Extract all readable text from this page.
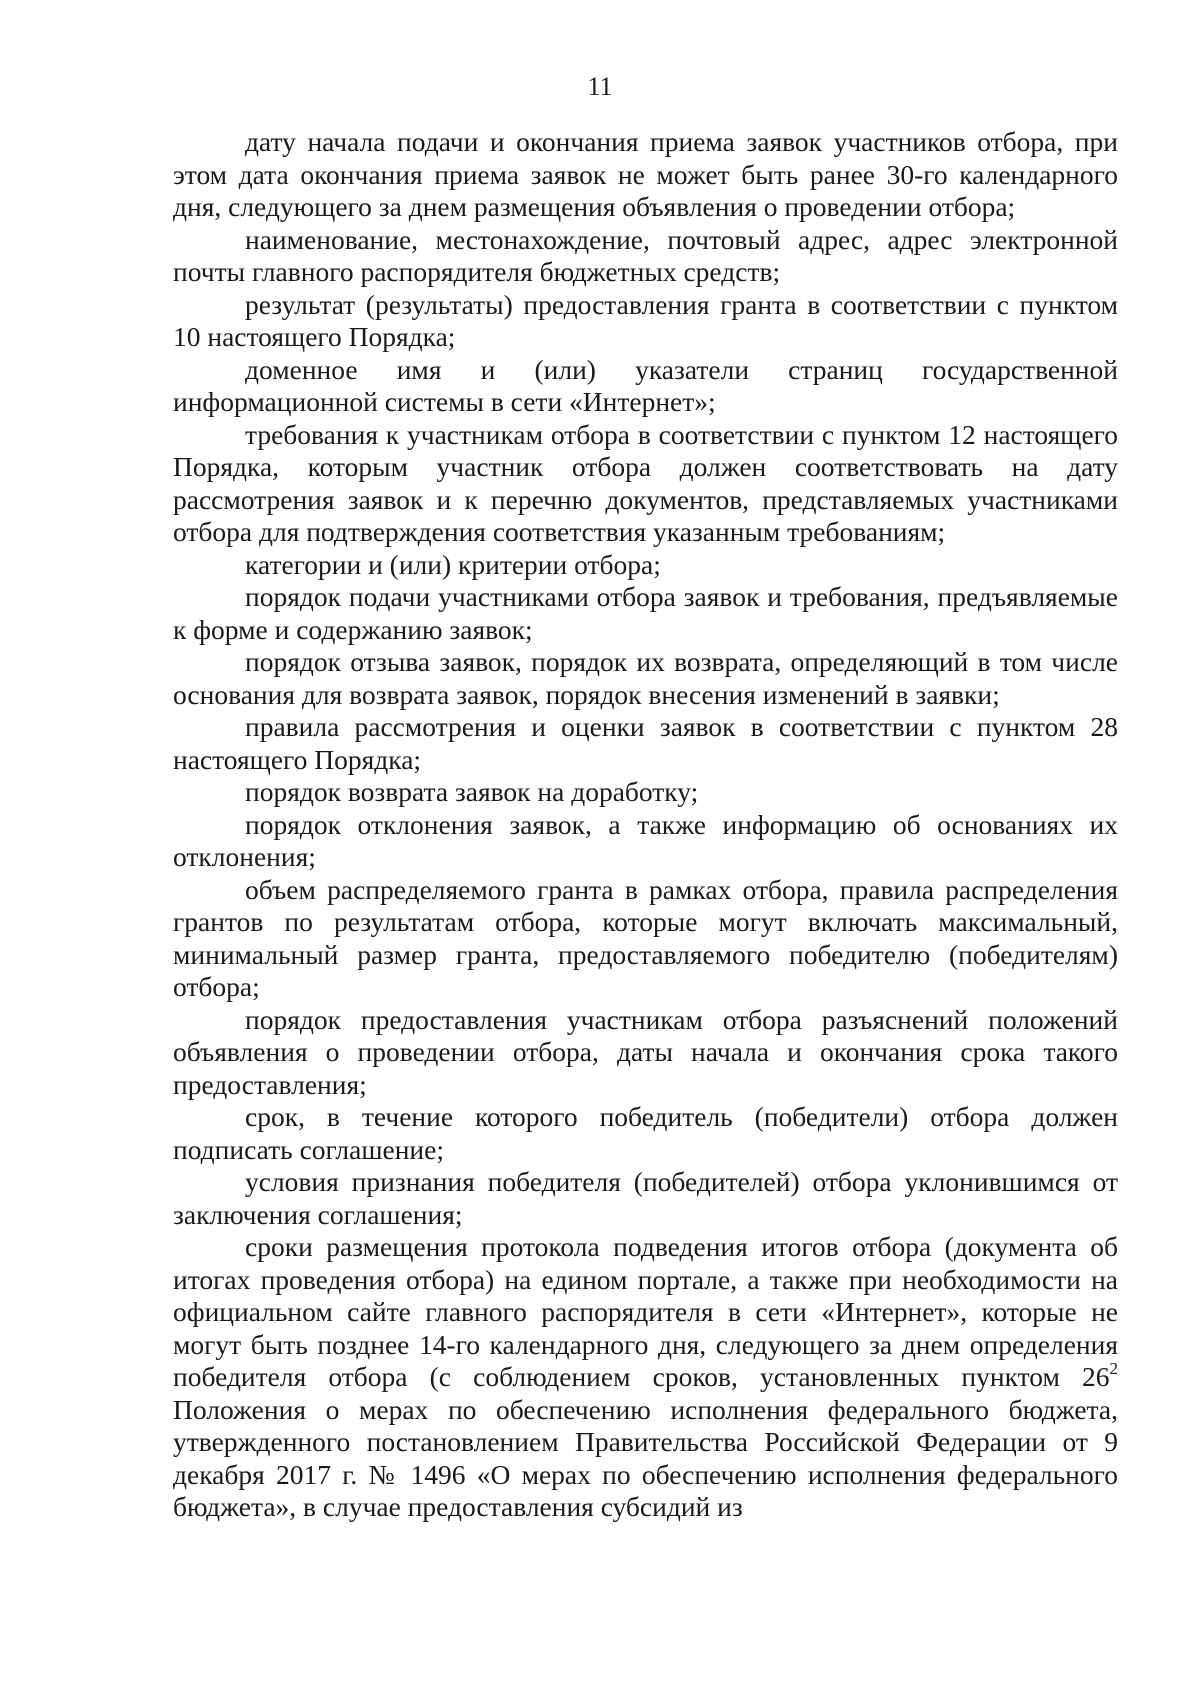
11

дату начала подачи и окончания приема заявок участников отбора, при этом дата окончания приема заявок не может быть ранее 30-го календарного дня, следующего за днем размещения объявления о проведении отбора;

наименование, местонахождение, почтовый адрес, адрес электронной почты главного распорядителя бюджетных средств;

результат (результаты) предоставления гранта в соответствии с пунктом 10 настоящего Порядка;

доменное имя и (или) указатели страниц государственной информационной системы в сети «Интернет»;

требования к участникам отбора в соответствии с пунктом 12 настоящего Порядка, которым участник отбора должен соответствовать на дату рассмотрения заявок и к перечню документов, представляемых участниками отбора для подтверждения соответствия указанным требованиям;

категории и (или) критерии отбора;

порядок подачи участниками отбора заявок и требования, предъявляемые к форме и содержанию заявок;

порядок отзыва заявок, порядок их возврата, определяющий в том числе основания для возврата заявок, порядок внесения изменений в заявки;

правила рассмотрения и оценки заявок в соответствии с пунктом 28 настоящего Порядка;

порядок возврата заявок на доработку;

порядок отклонения заявок, а также информацию об основаниях их отклонения;

объем распределяемого гранта в рамках отбора, правила распределения грантов по результатам отбора, которые могут включать максимальный, минимальный размер гранта, предоставляемого победителю (победителям) отбора;

порядок предоставления участникам отбора разъяснений положений объявления о проведении отбора, даты начала и окончания срока такого предоставления;

срок, в течение которого победитель (победители) отбора должен подписать соглашение;

условия признания победителя (победителей) отбора уклонившимся от заключения соглашения;

сроки размещения протокола подведения итогов отбора (документа об итогах проведения отбора) на едином портале, а также при необходимости на официальном сайте главного распорядителя в сети «Интернет», которые не могут быть позднее 14-го календарного дня, следующего за днем определения победителя отбора (с соблюдением сроков, установленных пунктом $26^2$ Положения о мерах по обеспечению исполнения федерального бюджета, утвержденного постановлением Правительства Российской Федерации от 9 декабря 2017 г. № 1496 «О мерах по обеспечению исполнения федерального бюджета», в случае предоставления субсидий из
